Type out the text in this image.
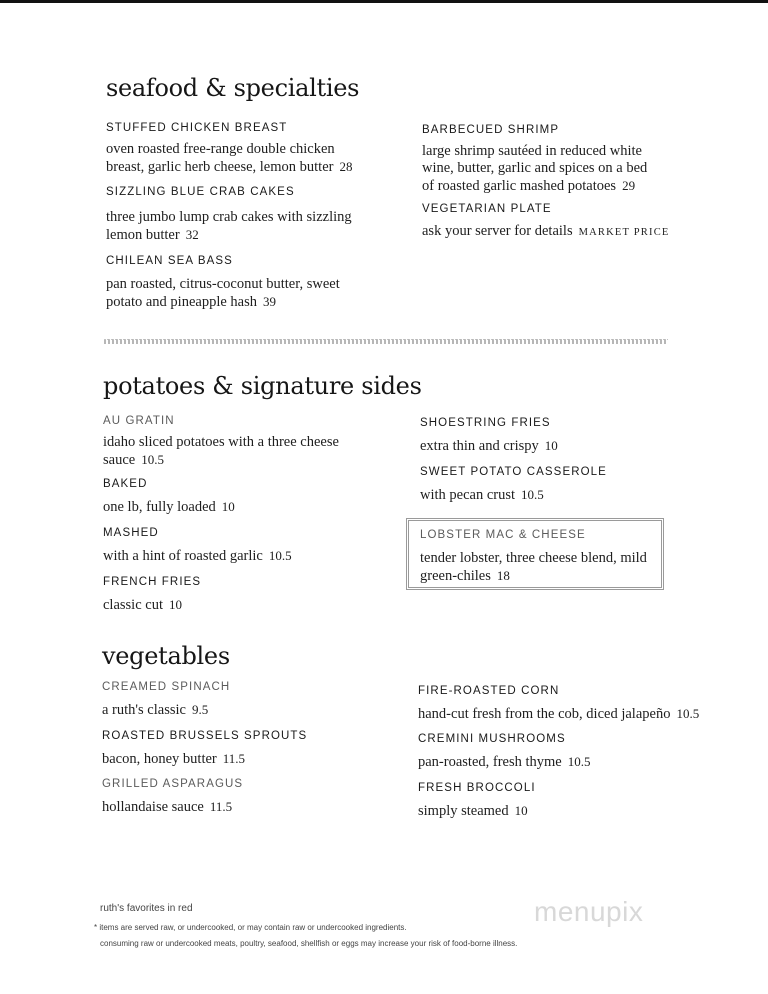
seafood & specialties
STUFFED CHICKEN BREAST
oven roasted free-range double chicken breast, garlic herb cheese, lemon butter 28
SIZZLING BLUE CRAB CAKES
three jumbo lump crab cakes with sizzling lemon butter 32
CHILEAN SEA BASS
pan roasted, citrus-coconut butter, sweet potato and pineapple hash 39
BARBECUED SHRIMP
large shrimp sautéed in reduced white wine, butter, garlic and spices on a bed of roasted garlic mashed potatoes 29
VEGETARIAN PLATE
ask your server for details MARKET PRICE
potatoes & signature sides
AU GRATIN
idaho sliced potatoes with a three cheese sauce 10.5
BAKED
one lb, fully loaded 10
MASHED
with a hint of roasted garlic 10.5
FRENCH FRIES
classic cut 10
SHOESTRING FRIES
extra thin and crispy 10
SWEET POTATO CASSEROLE
with pecan crust 10.5
LOBSTER MAC & CHEESE
tender lobster, three cheese blend, mild green-chiles 18
vegetables
CREAMED SPINACH
a ruth's classic 9.5
ROASTED BRUSSELS SPROUTS
bacon, honey butter 11.5
GRILLED ASPARAGUS
hollandaise sauce 11.5
FIRE-ROASTED CORN
hand-cut fresh from the cob, diced jalapeño 10.5
CREMINI MUSHROOMS
pan-roasted, fresh thyme 10.5
FRESH BROCCOLI
simply steamed 10
ruth's favorites in red
* items are served raw, or undercooked, or may contain raw or undercooked ingredients.
consuming raw or undercooked meats, poultry, seafood, shellfish or eggs may increase your risk of food-borne illness.
menupix
